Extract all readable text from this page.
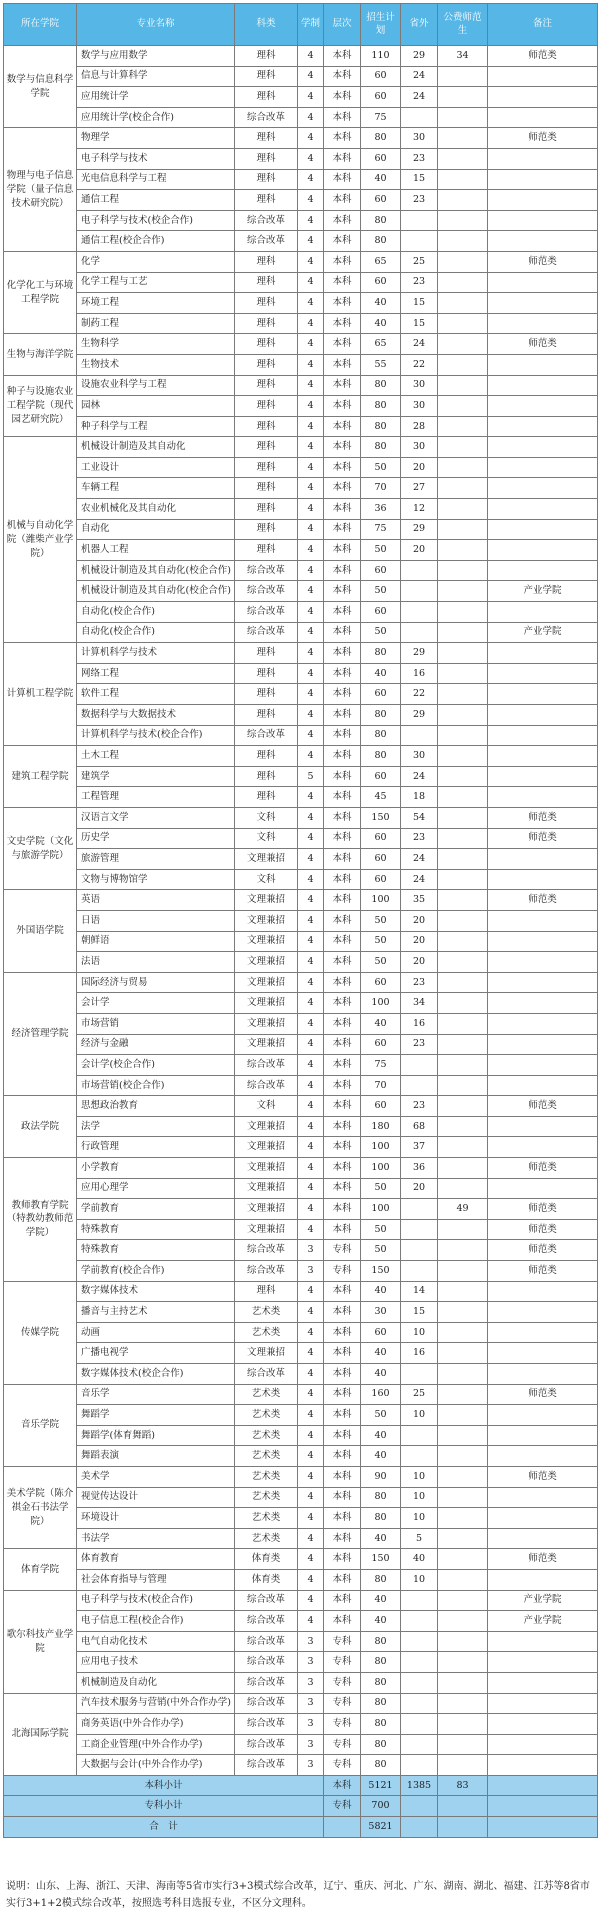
所在学院	专业名称	科类	学制	层次	招生计划	省外	公费师范生	备注
数学与信息科学学院	数学与应用数学	理科	4	本科	110	29	34	师范类
	信息与计算科学	理科	4	本科	60	24		
	应用统计学	理科	4	本科	60	24		
	应用统计学(校企合作)	综合改革	4	本科	75			
物理与电子信息学院（量子信息技术研究院）	物理学	理科	4	本科	80	30		师范类
	电子科学与技术	理科	4	本科	60	23		
	光电信息科学与工程	理科	4	本科	40	15		
	通信工程	理科	4	本科	60	23		
	电子科学与技术(校企合作)	综合改革	4	本科	80			
	通信工程(校企合作)	综合改革	4	本科	80			
化学化工与环境工程学院	化学	理科	4	本科	65	25		师范类
	化学工程与工艺	理科	4	本科	60	23		
	环境工程	理科	4	本科	40	15		
	制药工程	理科	4	本科	40	15		
生物与海洋学院	生物科学	理科	4	本科	65	24		师范类
	生物技术	理科	4	本科	55	22		
种子与设施农业工程学院（现代园艺研究院）	设施农业科学与工程	理科	4	本科	80	30		
	园林	理科	4	本科	80	30		
	种子科学与工程	理科	4	本科	80	28		
机械与自动化学院（潍柴产业学院）	机械设计制造及其自动化	理科	4	本科	80	30		
	工业设计	理科	4	本科	50	20		
	车辆工程	理科	4	本科	70	27		
	农业机械化及其自动化	理科	4	本科	36	12		
	自动化	理科	4	本科	75	29		
	机器人工程	理科	4	本科	50	20		
	机械设计制造及其自动化(校企合作)	综合改革	4	本科	60			
	机械设计制造及其自动化(校企合作)	综合改革	4	本科	50			产业学院
	自动化(校企合作)	综合改革	4	本科	60			
	自动化(校企合作)	综合改革	4	本科	50			产业学院
计算机工程学院	计算机科学与技术	理科	4	本科	80	29		
	网络工程	理科	4	本科	40	16		
	软件工程	理科	4	本科	60	22		
	数据科学与大数据技术	理科	4	本科	80	29		
	计算机科学与技术(校企合作)	综合改革	4	本科	80			
建筑工程学院	土木工程	理科	4	本科	80	30		
	建筑学	理科	5	本科	60	24		
	工程管理	理科	4	本科	45	18		
文史学院（文化与旅游学院）	汉语言文学	文科	4	本科	150	54		师范类
	历史学	文科	4	本科	60	23		师范类
	旅游管理	文理兼招	4	本科	60	24		
	文物与博物馆学	文科	4	本科	60	24		
外国语学院	英语	文理兼招	4	本科	100	35		师范类
	日语	文理兼招	4	本科	50	20		
	朝鲜语	文理兼招	4	本科	50	20		
	法语	文理兼招	4	本科	50	20		
经济管理学院	国际经济与贸易	文理兼招	4	本科	60	23		
	会计学	文理兼招	4	本科	100	34		
	市场营销	文理兼招	4	本科	40	16		
	经济与金融	文理兼招	4	本科	60	23		
	会计学(校企合作)	综合改革	4	本科	75			
	市场营销(校企合作)	综合改革	4	本科	70			
政法学院	思想政治教育	文科	4	本科	60	23		师范类
	法学	文理兼招	4	本科	180	68		
	行政管理	文理兼招	4	本科	100	37		
教师教育学院（特教幼教师范学院）	小学教育	文理兼招	4	本科	100	36		师范类
	应用心理学	文理兼招	4	本科	50	20		
	学前教育	文理兼招	4	本科	100		49	师范类
	特殊教育	文理兼招	4	本科	50			师范类
	特殊教育	综合改革	3	专科	50			师范类
	学前教育(校企合作)	综合改革	3	专科	150			师范类
传媒学院	数字媒体技术	理科	4	本科	40	14		
	播音与主持艺术	艺术类	4	本科	30	15		
	动画	艺术类	4	本科	60	10		
	广播电视学	文理兼招	4	本科	40	16		
	数字媒体技术(校企合作)	综合改革	4	本科	40			
音乐学院	音乐学	艺术类	4	本科	160	25		师范类
	舞蹈学	艺术类	4	本科	50	10		
	舞蹈学(体育舞蹈)	艺术类	4	本科	40			
	舞蹈表演	艺术类	4	本科	40			
美术学院（陈介祺金石书法学院）	美术学	艺术类	4	本科	90	10		师范类
	视觉传达设计	艺术类	4	本科	80	10		
	环境设计	艺术类	4	本科	80	10		
	书法学	艺术类	4	本科	40	5		
体育学院	体育教育	体育类	4	本科	150	40		师范类
	社会体育指导与管理	体育类	4	本科	80	10		
歌尔科技产业学院	电子科学与技术(校企合作)	综合改革	4	本科	40			产业学院
	电子信息工程(校企合作)	综合改革	4	本科	40			产业学院
	电气自动化技术	综合改革	3	专科	80			
	应用电子技术	综合改革	3	专科	80			
	机械制造及自动化	综合改革	3	专科	80			
北海国际学院	汽车技术服务与营销(中外合作办学)	综合改革	3	专科	80			
	商务英语(中外合作办学)	综合改革	3	专科	80			
	工商企业管理(中外合作办学)	综合改革	3	专科	80			
	大数据与会计(中外合作办学)	综合改革	3	专科	80			
本科小计				本科	5121	1385	83	
专科小计				专科	700			
合　计					5821			
说明：山东、上海、浙江、天津、海南等5省市实行3+3模式综合改革，辽宁、重庆、河北、广东、湖南、湖北、福建、江苏等8省市实行3+1+2模式综合改革，按照选考科目选报专业，不区分文理科。
